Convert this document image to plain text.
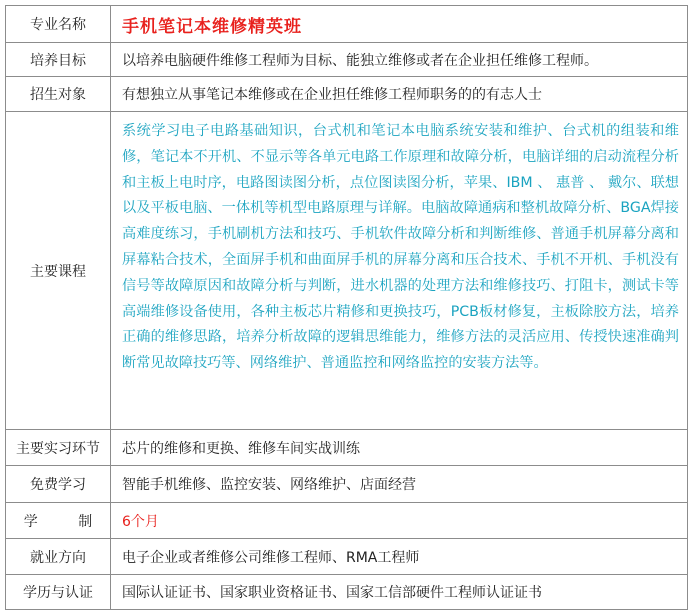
专业名称	手机笔记本维修精英班
培养目标	以培养电脑硬件维修工程师为目标、能独立维修或者在企业担任维修工程师。
招生对象	有想独立从事笔记本维修或在企业担任维修工程师职务的的有志人士
主要课程	系统学习电子电路基础知识，台式机和笔记本电脑系统安装和维护、台式机的组装和维修，笔记本不开机、不显示等各单元电路工作原理和故障分析，电脑详细的启动流程分析和主板上电时序，电路图读图分析，点位图读图分析，苹果、IBM 、 惠普 、 戴尔、联想以及平板电脑、一体机等机型电路原理与详解。电脑故障通病和整机故障分析、BGA焊接高难度练习，手机刷机方法和技巧、手机软件故障分析和判断维修、普通手机屏幕分离和屏幕粘合技术，全面屏手机和曲面屏手机的屏幕分离和压合技术、手机不开机、手机没有信号等故障原因和故障分析与判断，进水机器的处理方法和维修技巧、打阻卡，测试卡等高端维修设备使用，各种主板芯片精修和更换技巧，PCB板材修复，主板除胶方法，培养正确的维修思路，培养分析故障的逻辑思维能力，维修方法的灵活应用、传授快速准确判断常见故障技巧等、网络维护、普通监控和网络监控的安装方法等。
主要实习环节	芯片的维修和更换、维修车间实战训练
免费学习	智能手机维修、监控安装、网络维护、店面经营
学 制	6个月
就业方向	电子企业或者维修公司维修工程师、RMA工程师
学历与认证	国际认证证书、国家职业资格证书、国家工信部硬件工程师认证证书
